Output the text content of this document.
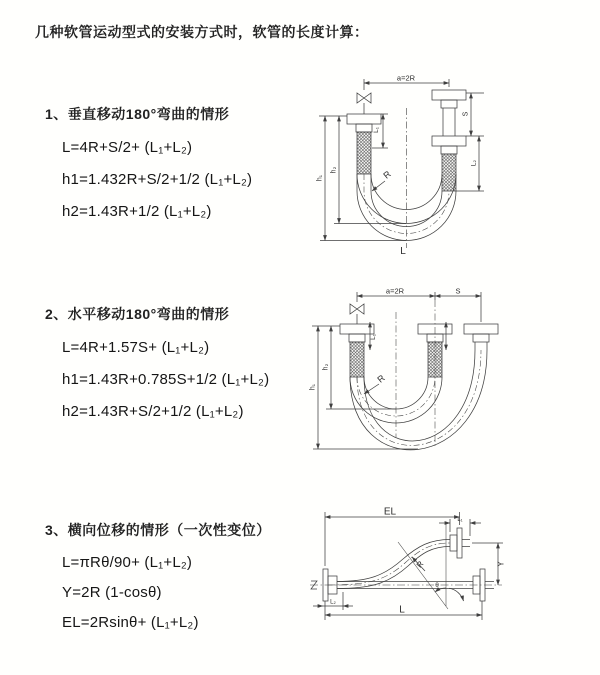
几种软管运动型式的安装方式时，软管的长度计算：
1、垂直移动180°弯曲的情形
L=4R+S/2+ (L₁+L₂)
h1=1.432R+S/2+1/2 (L₁+L₂)
h2=1.43R+1/2 (L₁+L₂)
2、水平移动180°弯曲的情形
L=4R+1.57S+ (L₁+L₂)
h1=1.43R+0.785S+1/2 (L₁+L₂)
h2=1.43R+S/2+1/2 (L₁+L₂)
3、横向位移的情形（一次性变位）
L=πRθ/90+ (L₁+L₂)
Y=2R (1-cosθ)
EL=2Rsinθ+ (L₁+L₂)
a=2R
L₁
S
L₂
h₁
h₂	R
L
a=2R	S
L₁
h₁
h₂
R
EL
L₁
Y
R
θ
L
L₂
